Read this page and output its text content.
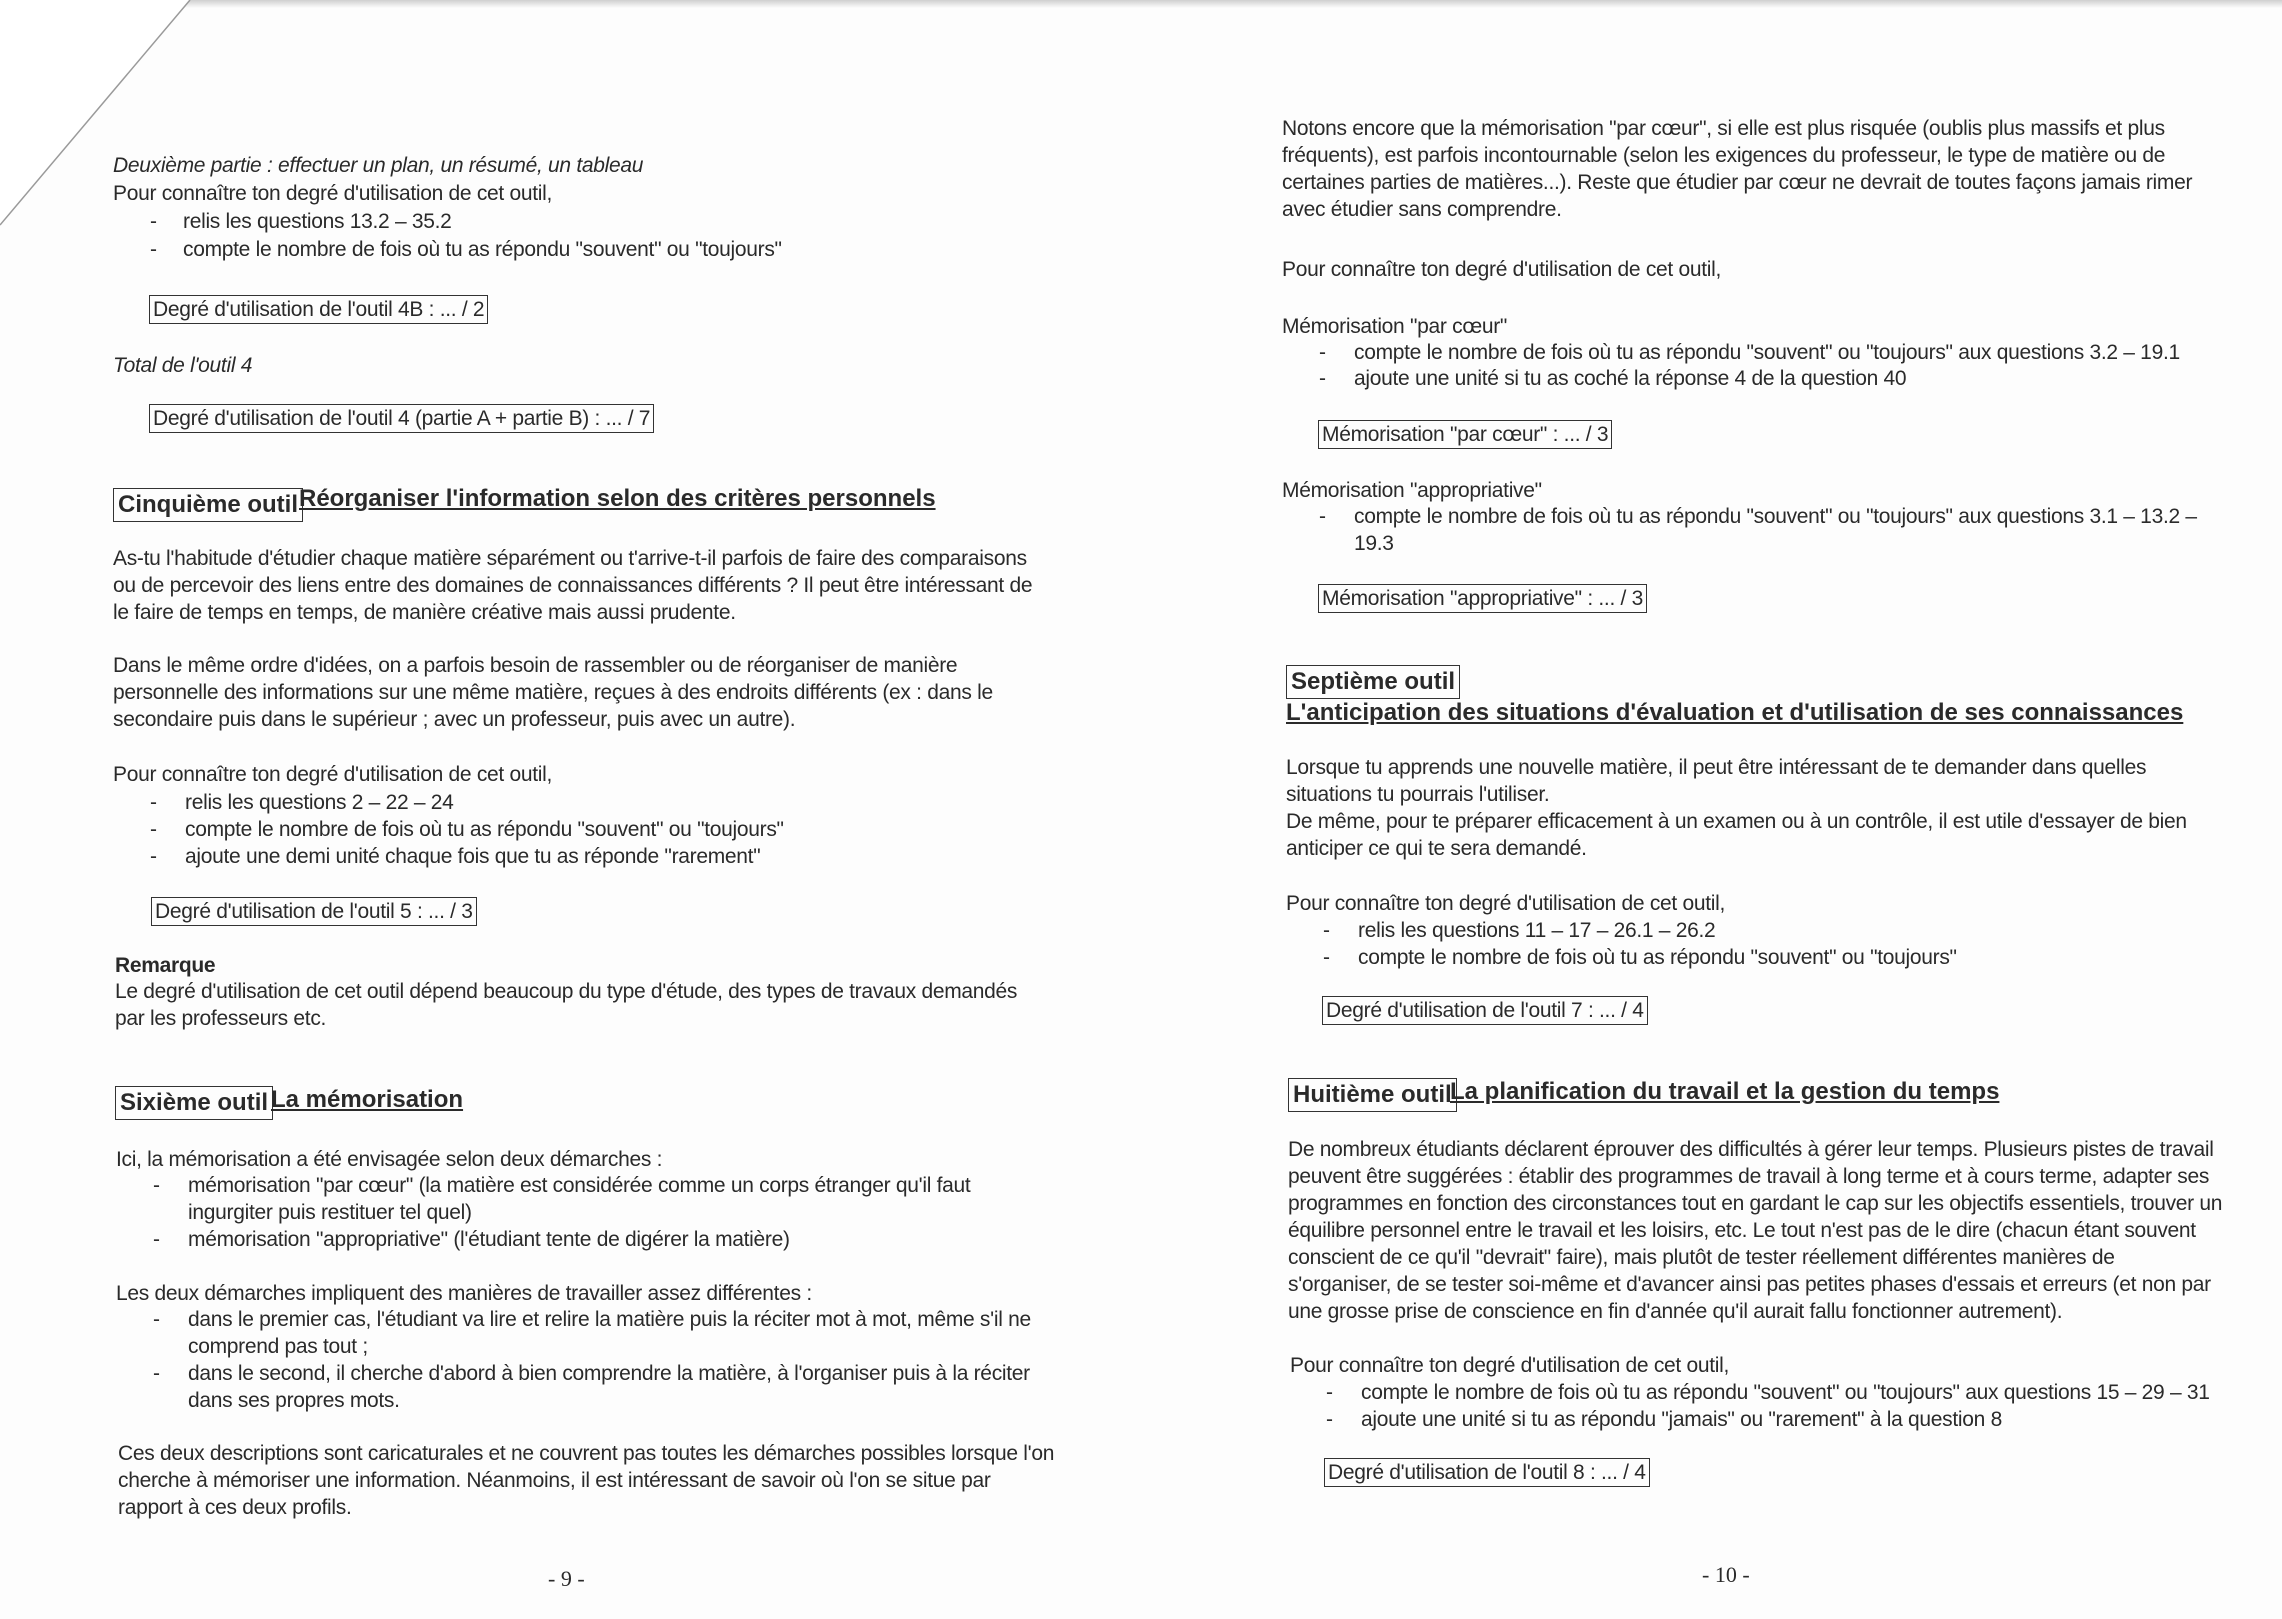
Deuxième partie : effectuer un plan, un résumé, un tableau
Pour connaître ton degré d'utilisation de cet outil,
- relis les questions 13.2 – 35.2
- compte le nombre de fois où tu as répondu "souvent" ou "toujours"
Degré d'utilisation de l'outil 4B : ... / 2
Total de l'outil 4
Degré d'utilisation de l'outil 4 (partie A + partie B) : ... / 7
Cinquième outil Réorganiser l'information selon des critères personnels
As-tu l'habitude d'étudier chaque matière séparément ou t'arrive-t-il parfois de faire des comparaisons
ou de percevoir des liens entre des domaines de connaissances différents ? Il peut être intéressant de
le faire de temps en temps, de manière créative mais aussi prudente.
Dans le même ordre d'idées, on a parfois besoin de rassembler ou de réorganiser de manière
personnelle des informations sur une même matière, reçues à des endroits différents (ex : dans le
secondaire puis dans le supérieur ; avec un professeur, puis avec un autre).
Pour connaître ton degré d'utilisation de cet outil,
- relis les questions 2 – 22 – 24
- compte le nombre de fois où tu as répondu "souvent" ou "toujours"
- ajoute une demi unité chaque fois que tu as réponde "rarement"
Degré d'utilisation de l'outil 5 : ... / 3
Remarque
Le degré d'utilisation de cet outil dépend beaucoup du type d'étude, des types de travaux demandés
par les professeurs etc.
Sixième outil La mémorisation
Ici, la mémorisation a été envisagée selon deux démarches :
- mémorisation "par cœur" (la matière est considérée comme un corps étranger qu'il faut
ingurgiter puis restituer tel quel)
- mémorisation "appropriative" (l'étudiant tente de digérer la matière)
Les deux démarches impliquent des manières de travailler assez différentes :
- dans le premier cas, l'étudiant va lire et relire la matière puis la réciter mot à mot, même s'il ne
comprend pas tout ;
- dans le second, il cherche d'abord à bien comprendre la matière, à l'organiser puis à la réciter
dans ses propres mots.
Ces deux descriptions sont caricaturales et ne couvrent pas toutes les démarches possibles lorsque l'on
cherche à mémoriser une information. Néanmoins, il est intéressant de savoir où l'on se situe par
rapport à ces deux profils.
- 9 -
Notons encore que la mémorisation "par cœur", si elle est plus risquée (oublis plus massifs et plus
fréquents), est parfois incontournable (selon les exigences du professeur, le type de matière ou de
certaines parties de matières...). Reste que étudier par cœur ne devrait de toutes façons jamais rimer
avec étudier sans comprendre.
Pour connaître ton degré d'utilisation de cet outil,
Mémorisation "par cœur"
- compte le nombre de fois où tu as répondu "souvent" ou "toujours" aux questions 3.2 – 19.1
- ajoute une unité si tu as coché la réponse 4 de la question 40
Mémorisation "par cœur" : ... / 3
Mémorisation "appropriative"
- compte le nombre de fois où tu as répondu "souvent" ou "toujours" aux questions 3.1 – 13.2 –
19.3
Mémorisation "appropriative" : ... / 3
Septième outil
L'anticipation des situations d'évaluation et d'utilisation de ses connaissances
Lorsque tu apprends une nouvelle matière, il peut être intéressant de te demander dans quelles
situations tu pourrais l'utiliser.
De même, pour te préparer efficacement à un examen ou à un contrôle, il est utile d'essayer de bien
anticiper ce qui te sera demandé.
Pour connaître ton degré d'utilisation de cet outil,
- relis les questions 11 – 17 – 26.1 – 26.2
- compte le nombre de fois où tu as répondu "souvent" ou "toujours"
Degré d'utilisation de l'outil 7 : ... / 4
Huitième outil
La planification du travail et la gestion du temps
De nombreux étudiants déclarent éprouver des difficultés à gérer leur temps. Plusieurs pistes de travail
peuvent être suggérées : établir des programmes de travail à long terme et à cours terme, adapter ses
programmes en fonction des circonstances tout en gardant le cap sur les objectifs essentiels, trouver un
équilibre personnel entre le travail et les loisirs, etc. Le tout n'est pas de le dire (chacun étant souvent
conscient de ce qu'il "devrait" faire), mais plutôt de tester réellement différentes manières de
s'organiser, de se tester soi-même et d'avancer ainsi pas petites phases d'essais et erreurs (et non par
une grosse prise de conscience en fin d'année qu'il aurait fallu fonctionner autrement).
Pour connaître ton degré d'utilisation de cet outil,
- compte le nombre de fois où tu as répondu "souvent" ou "toujours" aux questions 15 – 29 – 31
- ajoute une unité si tu as répondu "jamais" ou "rarement" à la question 8
Degré d'utilisation de l'outil 8 : ... / 4
- 10 -
